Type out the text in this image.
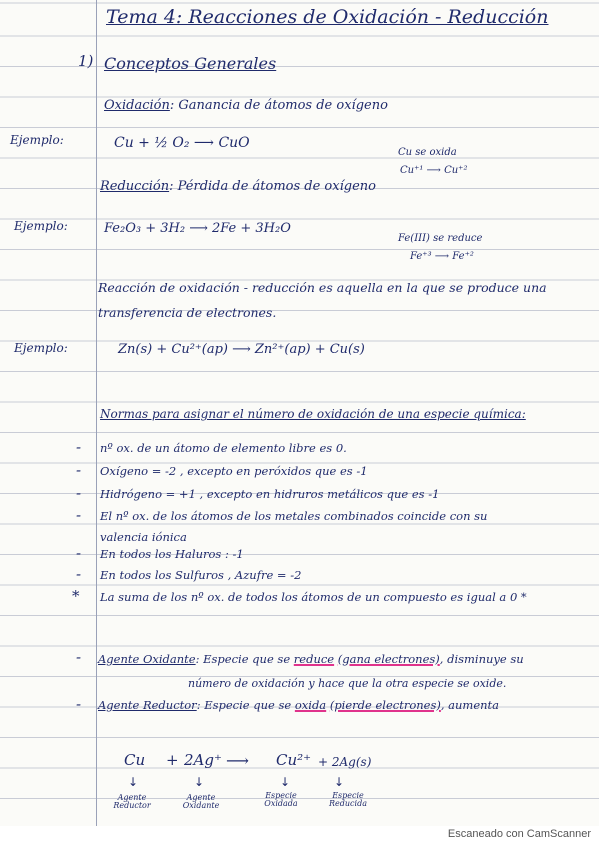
Tema 4: Reacciones de Oxidación - Reducción
1) Conceptos Generales
Oxidación: Ganancia de átomos de oxígeno
Ejemplo:	Cu + ½ O₂ ⟶ CuO
Cu se oxida
Cu⁺¹ ⟶ Cu⁺²
Reducción: Pérdida de átomos de oxígeno
Ejemplo:	Fe₂O₃ + 3H₂ ⟶ 2Fe + 3H₂O
Fe(III) se reduce
Fe⁺³ ⟶ Fe⁺²
Reacción de oxidación - reducción es aquella en la que se produce una
transferencia de electrones.
Ejemplo:	Zn(s) + Cu²⁺(ap) ⟶ Zn²⁺(ap) + Cu(s)
Normas para asignar el número de oxidación de una especie química:
- nº ox. de un átomo de elemento libre es 0.
- Oxígeno = -2 , excepto en peróxidos que es -1
- Hidrógeno = +1 , excepto en hidruros metálicos que es -1
- El nº ox. de los átomos de los metales combinados coincide con su
valencia iónica
- En todos los Haluros : -1
- En todos los Sulfuros , Azufre = -2
* La suma de los nº ox. de todos los átomos de un compuesto es igual a 0 *
- Agente Oxidante: Especie que se reduce (gana electrones), disminuye su
número de oxidación y hace que la otra especie se oxide.
- Agente Reductor: Especie que se oxida (pierde electrones), aumenta
Cu + 2Ag⁺ ⟶ Cu²⁺ + 2Ag(s)
↓	↓	↓	↓
Agente Reductor
Agente Oxidante
Especie Oxidada
Especie Reducida
Escaneado con CamScanner
